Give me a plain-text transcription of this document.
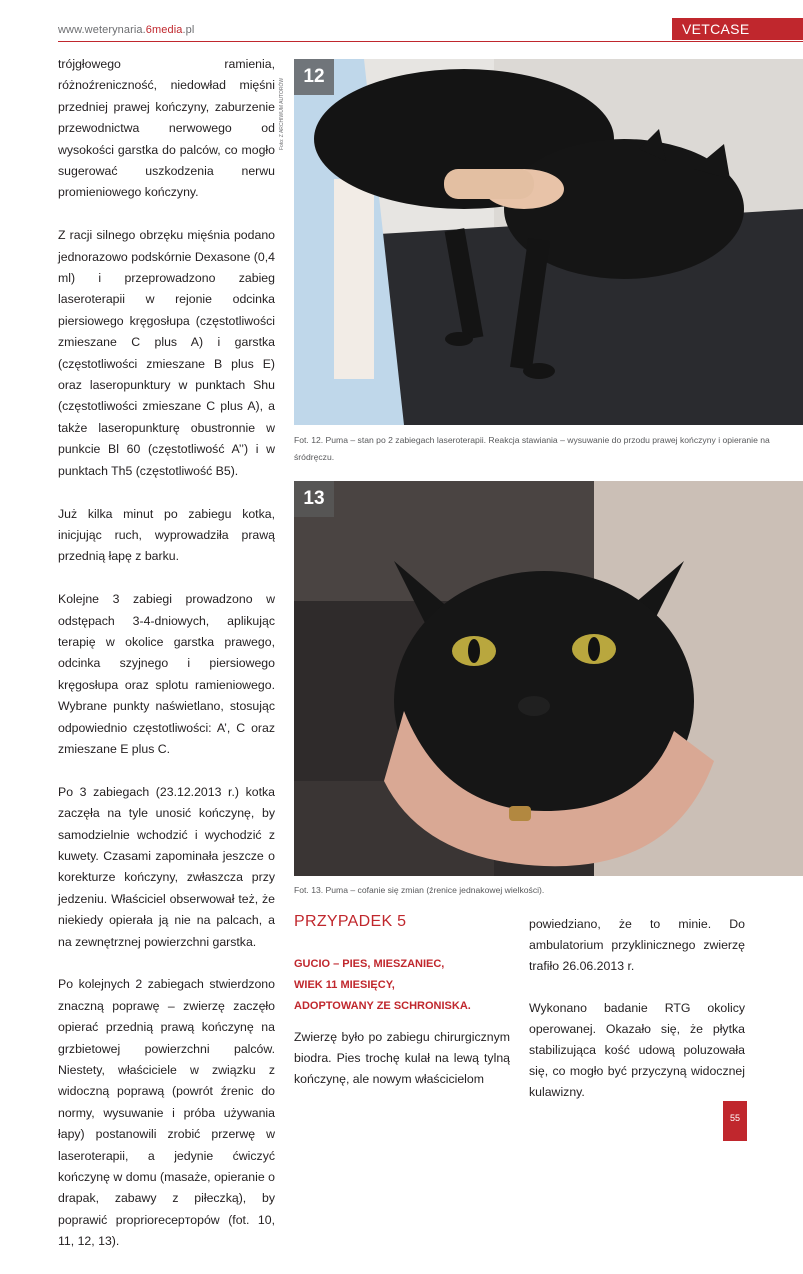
www.weterynaria.6media.pl	VETCASE

trójgłowego ramienia, różnoźreniczność, niedowład mięśni przedniej prawej kończyny, zaburzenie przewodnictwa nerwowego od wysokości garstka do palców, co mogło sugerować uszkodzenia nerwu promieniowego kończyny.

Z racji silnego obrzęku mięśnia podano jednorazowo podskórnie Dexasone (0,4 ml) i przeprowadzono zabieg laseroterapii w rejonie odcinka piersiowego kręgosłupa (częstotliwości zmieszane C plus A) i garstka (częstotliwości zmieszane B plus E) oraz laseropunktury w punktach Shu (częstotliwości zmieszane C plus A), a także laseropunkturę obustronnie w punkcie Bl 60 (częstotliwość A’’) i w punktach Th5 (częstotliwość B5).

Już kilka minut po zabiegu kotka, inicjując ruch, wyprowadziła prawą przednią łapę z barku.

Kolejne 3 zabiegi prowadzono w odstępach 3-4-dniowych, aplikując terapię w okolice garstka prawego, odcinka szyjnego i piersiowego kręgosłupa oraz splotu ramieniowego. Wybrane punkty naświetlano, stosując odpowiednio częstotliwości: A’, C oraz zmieszane E plus C.

Po 3 zabiegach (23.12.2013 r.) kotka zaczęła na tyle unosić kończynę, by samodzielnie wchodzić i wychodzić z kuwety. Czasami zapominała jeszcze o korekturze kończyny, zwłaszcza przy jedzeniu. Właściciel obserwował też, że niekiedy opierała ją nie na palcach, a na zewnętrznej powierzchni garstka.

Po kolejnych 2 zabiegach stwierdzono znaczną poprawę – zwierzę zaczęło opierać przednią prawą kończynę na grzbietowej powierzchni palców. Niestety, właściciele w związku z widoczną poprawą (powrót źrenic do normy, wysuwanie i próba używania łapy) postanowili zrobić przerwę w laseroterapii, a jedynie ćwiczyć kończynę w domu (masaże, opieranie o drapak, zabawy z piłeczką), by poprawić propriorecepторów (fot. 10, 11, 12, 13).

Foto: Z ARCHIWUM AUTORÓW
12
Fot. 12. Puma – stan po 2 zabiegach laseroterapii. Reakcja stawiania – wysuwanie do przodu prawej kończyny i opieranie na śródręczu.
13
Fot. 13. Puma – cofanie się zmian (źrenice jednakowej wielkości).
PRZYPADEK 5
GUCIO – PIES, MIESZANIEC,
WIEK 11 MIESIĘCY,
ADOPTOWANY ZE SCHRONISKA.
Zwierzę było po zabiegu chirurgicznym biodra. Pies trochę kulał na lewą tylną kończynę, ale nowym właścicielom

powiedziano, że to minie. Do ambulatorium przyklinicznego zwierzę trafiło 26.06.2013 r.

Wykonano badanie RTG okolicy operowanej. Okazało się, że płytka stabilizująca kość udową poluzowała się, co mogło być przyczyną widocznej kulawizny.

55
